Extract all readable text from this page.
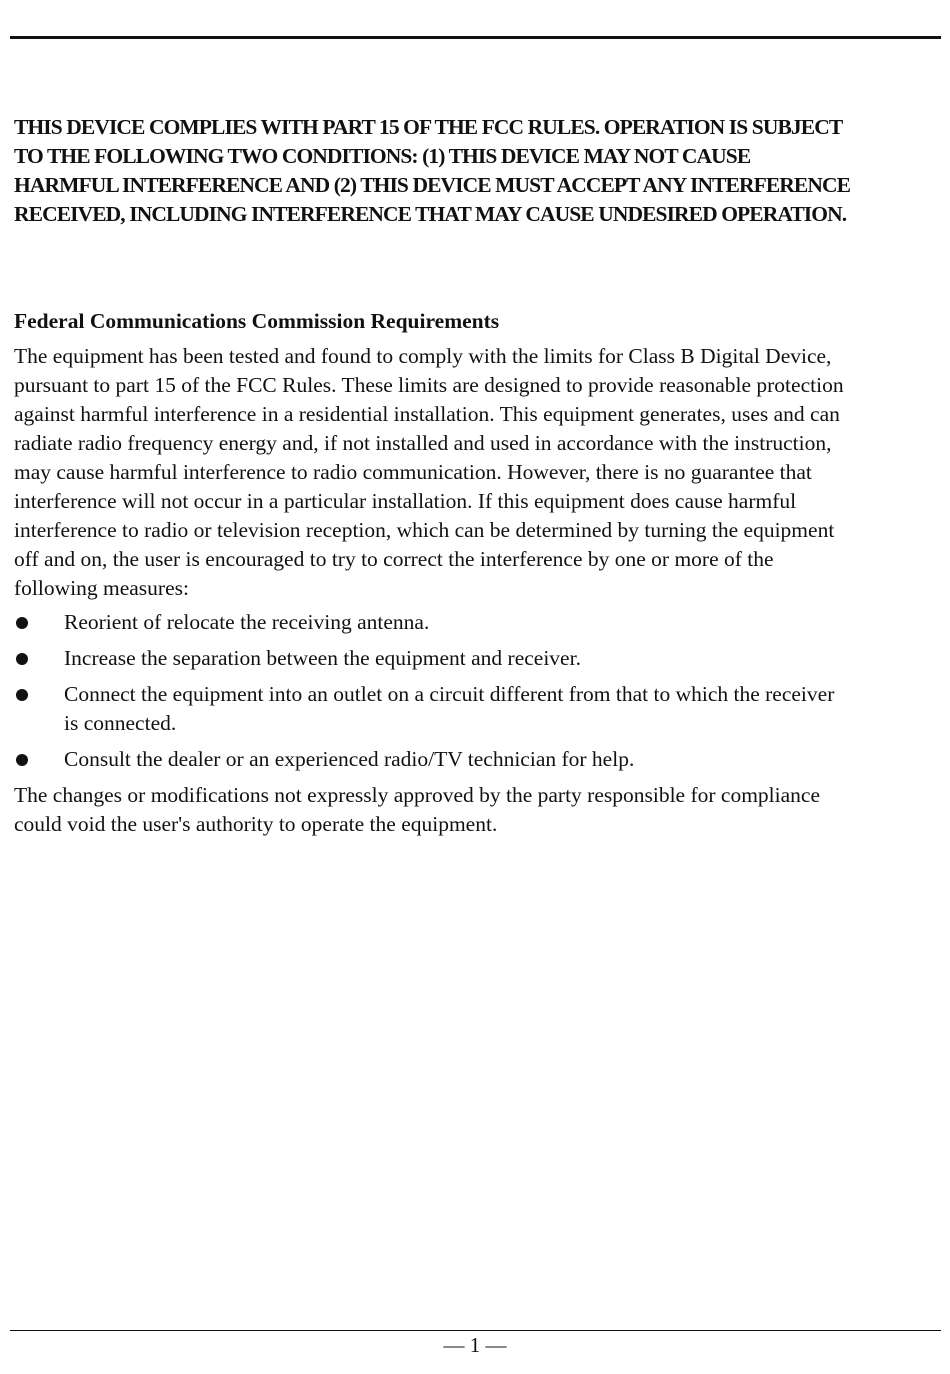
THIS DEVICE COMPLIES WITH PART 15 OF THE FCC RULES. OPERATION IS SUBJECT
TO THE FOLLOWING TWO CONDITIONS: (1) THIS DEVICE MAY NOT CAUSE
HARMFUL INTERFERENCE AND (2) THIS DEVICE MUST ACCEPT ANY INTERFERENCE
RECEIVED, INCLUDING INTERFERENCE THAT MAY CAUSE UNDESIRED OPERATION.
Federal Communications Commission Requirements

The equipment has been tested and found to comply with the limits for Class B Digital Device,
pursuant to part 15 of the FCC Rules. These limits are designed to provide reasonable protection
against harmful interference in a residential installation. This equipment generates, uses and can
radiate radio frequency energy and, if not installed and used in accordance with the instruction,
may cause harmful interference to radio communication. However, there is no guarantee that
interference will not occur in a particular installation. If this equipment does cause harmful
interference to radio or television reception, which can be determined by turning the equipment
off and on, the user is encouraged to try to correct the interference by one or more of the
following measures:

Reorient of relocate the receiving antenna.
Increase the separation between the equipment and receiver.
Connect the equipment into an outlet on a circuit different from that to which the receiver
is connected.
Consult the dealer or an experienced radio/TV technician for help.

The changes or modifications not expressly approved by the party responsible for compliance
could void the user's authority to operate the equipment.

— 1 —
